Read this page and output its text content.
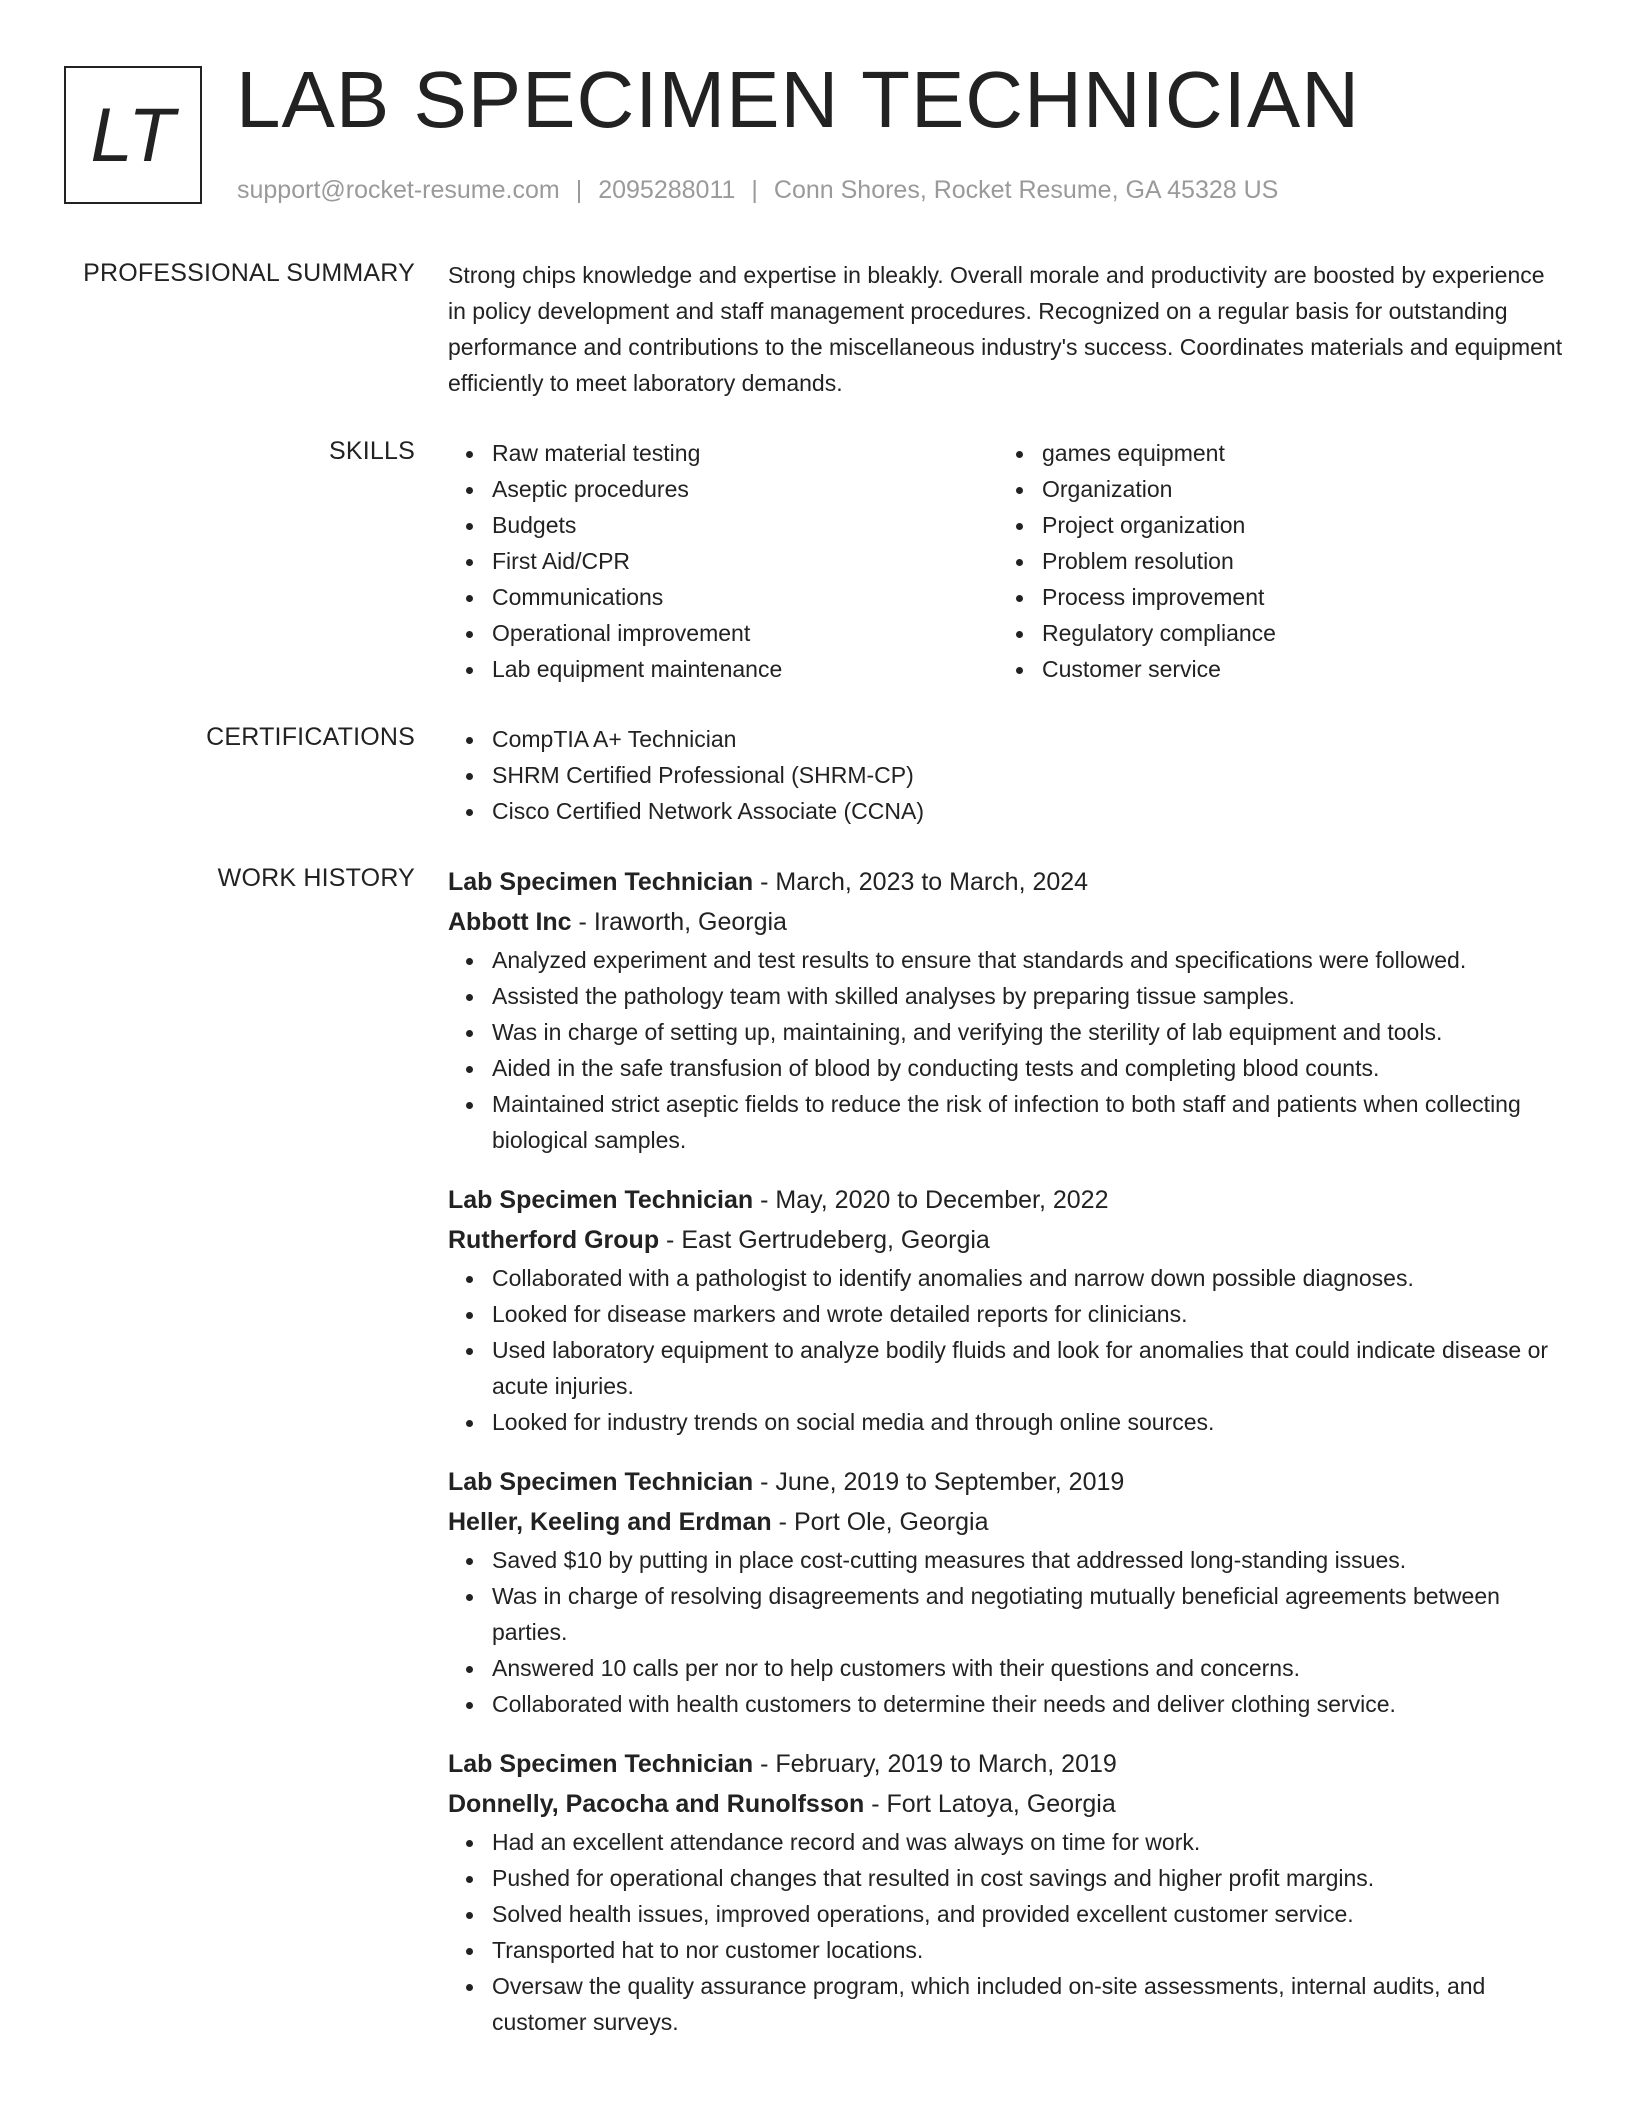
LT LAB SPECIMEN TECHNICIAN
support@rocket-resume.com | 2095288011 | Conn Shores, Rocket Resume, GA 45328 US
PROFESSIONAL SUMMARY Strong chips knowledge and expertise in bleakly. Overall morale and productivity are boosted by experience in policy development and staff management procedures. Recognized on a regular basis for outstanding performance and contributions to the miscellaneous industry's success. Coordinates materials and equipment efficiently to meet laboratory demands.

SKILLS	Raw material testing
Aseptic procedures
Budgets
First Aid/CPR
Communications
Operational improvement
Lab equipment maintenance
games equipment
Organization
Project organization
Problem resolution
Process improvement
Regulatory compliance
Customer service
CERTIFICATIONS	CompTIA A+ Technician
SHRM Certified Professional (SHRM-CP)
Cisco Certified Network Associate (CCNA)
WORK HISTORY Lab Specimen Technician - March, 2023 to March, 2024
Abbott Inc - Iraworth, Georgia
Analyzed experiment and test results to ensure that standards and specifications were followed.
Assisted the pathology team with skilled analyses by preparing tissue samples.
Was in charge of setting up, maintaining, and verifying the sterility of lab equipment and tools.
Aided in the safe transfusion of blood by conducting tests and completing blood counts.
Maintained strict aseptic fields to reduce the risk of infection to both staff and patients when collecting biological samples.
Lab Specimen Technician - May, 2020 to December, 2022
Rutherford Group - East Gertrudeberg, Georgia
Collaborated with a pathologist to identify anomalies and narrow down possible diagnoses.
Looked for disease markers and wrote detailed reports for clinicians.
Used laboratory equipment to analyze bodily fluids and look for anomalies that could indicate disease or acute injuries.
Looked for industry trends on social media and through online sources.
Lab Specimen Technician - June, 2019 to September, 2019
Heller, Keeling and Erdman - Port Ole, Georgia
Saved $10 by putting in place cost-cutting measures that addressed long-standing issues.
Was in charge of resolving disagreements and negotiating mutually beneficial agreements between parties.
Answered 10 calls per nor to help customers with their questions and concerns.
Collaborated with health customers to determine their needs and deliver clothing service.
Lab Specimen Technician - February, 2019 to March, 2019
Donnelly, Pacocha and Runolfsson - Fort Latoya, Georgia
Had an excellent attendance record and was always on time for work.
Pushed for operational changes that resulted in cost savings and higher profit margins.
Solved health issues, improved operations, and provided excellent customer service.
Transported hat to nor customer locations.
Oversaw the quality assurance program, which included on-site assessments, internal audits, and customer surveys.
